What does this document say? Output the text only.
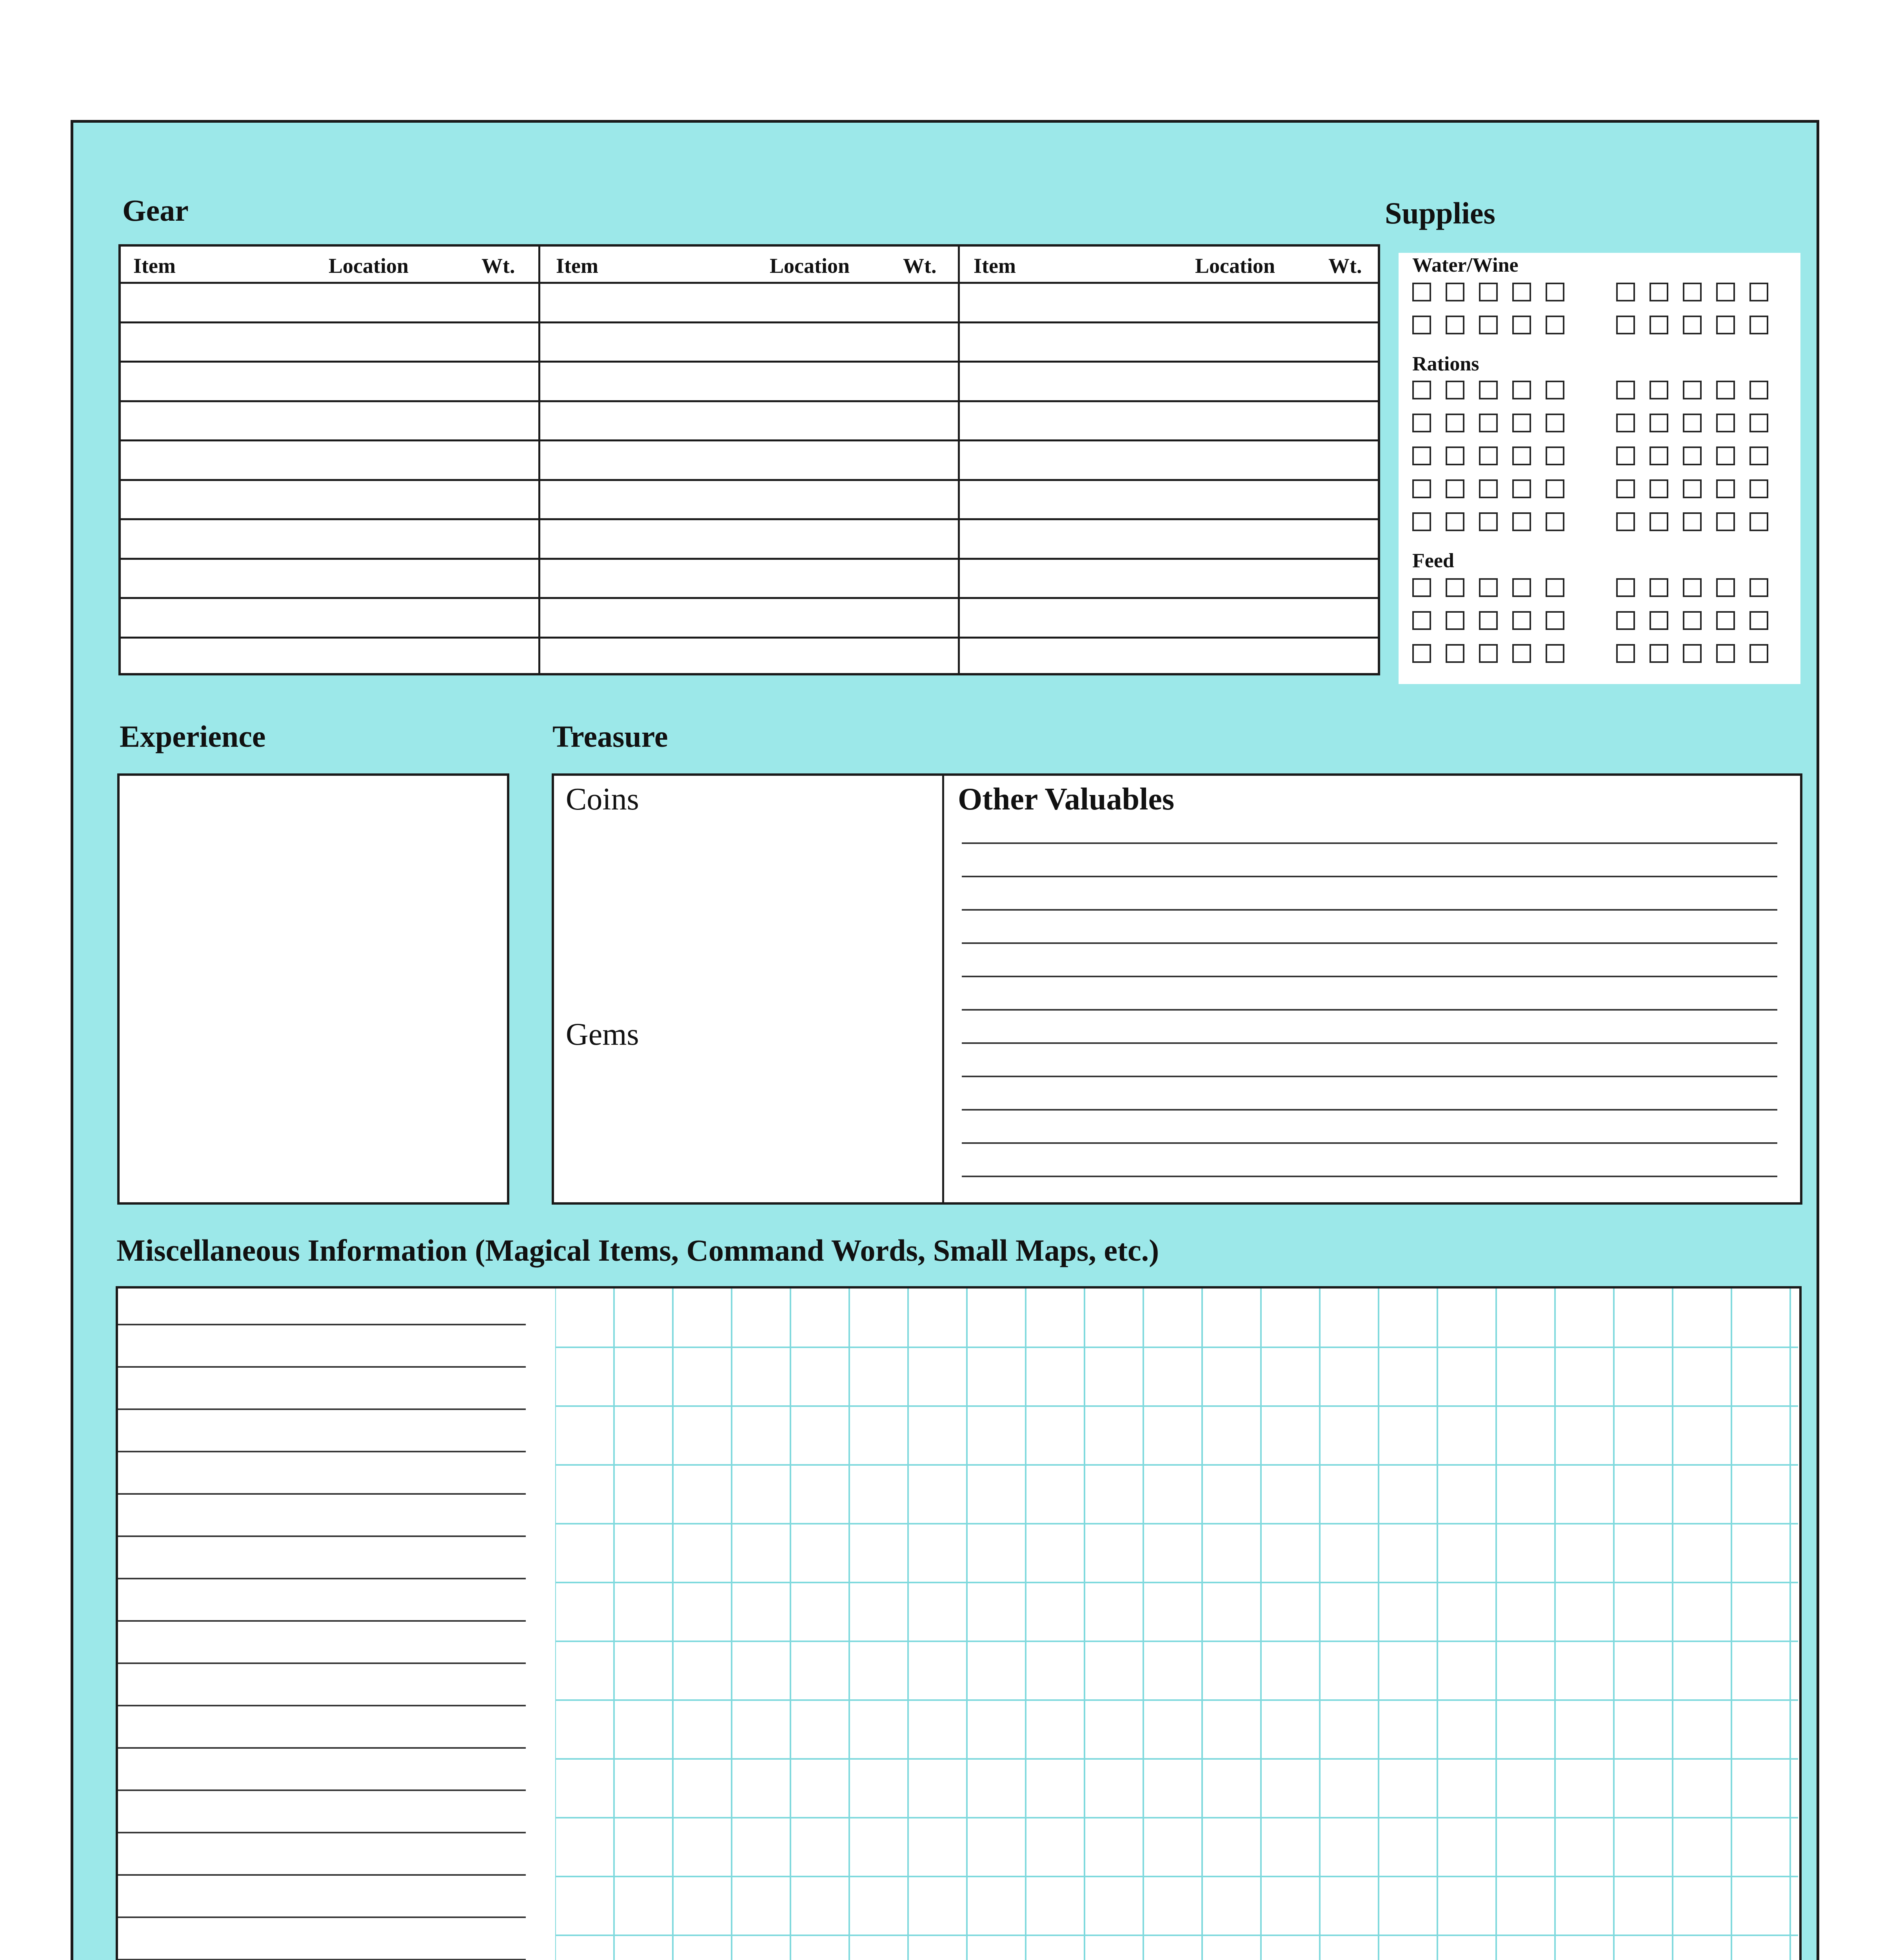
Gear
Item	Location	Wt. Item	Location	Wt. Item	Location	Wt.
Supplies
Water/Wine
Rations
Feed
Experience	Treasure
Coins
Gems
Other Valuables
Miscellaneous Information (Magical Items, Command Words, Small Maps, etc.)
